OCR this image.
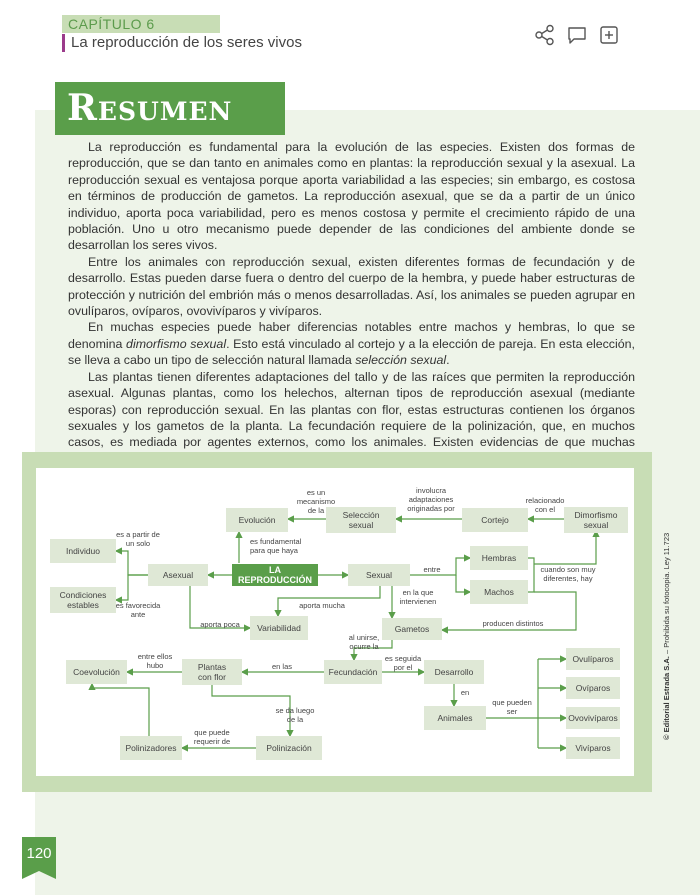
CAPÍTULO 6
La reproducción de los seres vivos
Resumen

La reproducción es fundamental para la evolución de las especies. Existen dos formas de reproducción, que se dan tanto en animales como en plantas: la reproducción sexual y la asexual. La reproducción sexual es ventajosa porque aporta variabilidad a las especies; sin embargo, es costosa en términos de producción de gametos. La reproducción asexual, que se da a partir de un único individuo, aporta poca variabilidad, pero es menos costosa y permite el crecimiento rápido de una población. Uno u otro mecanismo puede depender de las condiciones del ambiente donde se desarrollan los seres vivos.

Entre los animales con reproducción sexual, existen diferentes formas de fecundación y de desarrollo. Estas pueden darse fuera o dentro del cuerpo de la hembra, y puede haber estructuras de protección y nutrición del embrión más o menos desarrolladas. Así, los animales se pueden agrupar en ovulíparos, ovíparos, ovovivíparos y vivíparos.

En muchas especies puede haber diferencias notables entre machos y hembras, lo que se denomina dimorfismo sexual. Esto está vinculado al cortejo y a la elección de pareja. En esta elección, se lleva a cabo un tipo de selección natural llamada selección sexual.

Las plantas tienen diferentes adaptaciones del tallo y de las raíces que permiten la reproducción asexual. Algunas plantas, como los helechos, alternan tipos de reproducción asexual (mediante esporas) con reproducción sexual. En las plantas con flor, estas estructuras contienen los órganos sexuales y los gametos de la planta. La fecundación requiere de la polinización, que, en muchos casos, es mediada por agentes externos, como los animales. Existen evidencias de que muchas

Evolución	Selección
sexual	Cortejo	Dimorfismo
sexual
Individuo
Asexual	LA REPRODUCCIÓN	Sexual
Hembras
Machos
Condiciones
estables
Variabilidad	Gametos
Coevolución	Plantas
con flor	Fecundación	Desarrollo
Animales
Ovulíparos
Ovíparos
Ovovivíparos
Vivíparos
Polinizadores	Polinización
es un
mecanismo
de la
involucra
adaptaciones
originadas por
relacionado
con el
es a partir de
un solo	es fundamental
para que haya
entre	cuando son muy
diferentes, hay
es favorecida
ante
aporta poca
aporta mucha
en la que
intervienen
producen distintos
al unirse,
ocurre la
entre ellos
hubo	en las
es seguida
por el
en
que pueden
ser
se da luego
de la
que puede
requerir de
© Editorial Estrada S.A. – Prohibida su fotocopia. Ley 11.723
120
